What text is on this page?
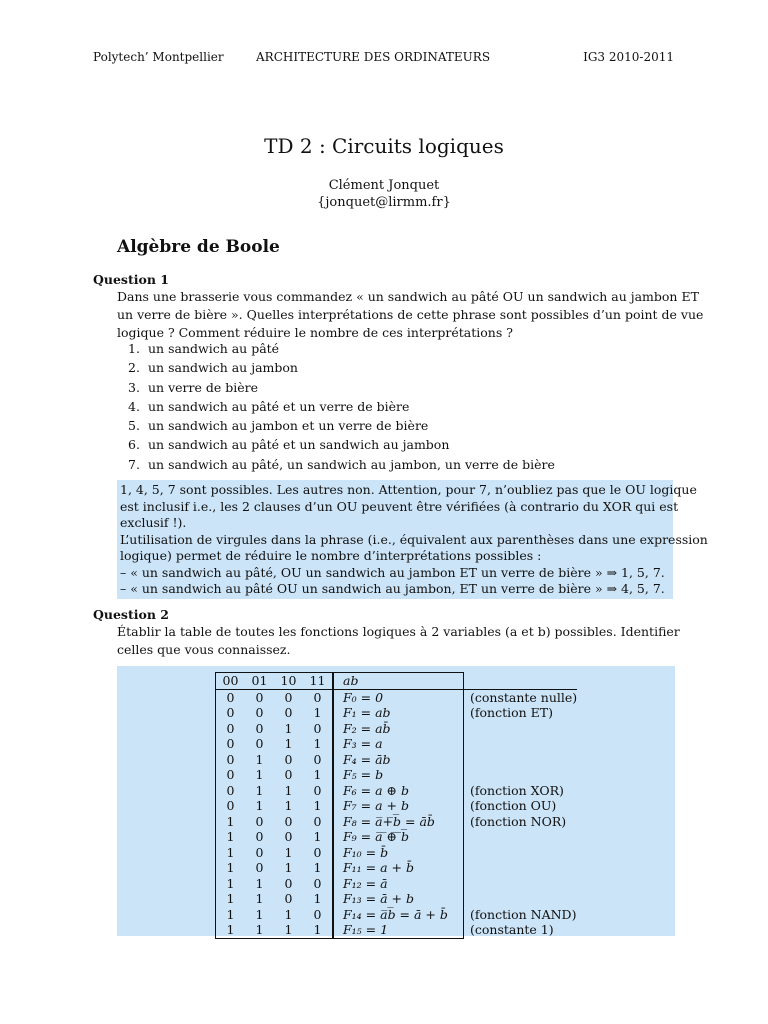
Polytech’ Montpellier	ARCHITECTURE DES ORDINATEURS	IG3 2010-2011
TD 2 : Circuits logiques
Clément Jonquet
{jonquet@lirmm.fr}
Algèbre de Boole
Question 1
Dans une brasserie vous commandez « un sandwich au pâté OU un sandwich au jambon ET
un verre de bière ». Quelles interprétations de cette phrase sont possibles d’un point de vue
logique ? Comment réduire le nombre de ces interprétations ?
1. un sandwich au pâté
2. un sandwich au jambon
3. un verre de bière
4. un sandwich au pâté et un verre de bière
5. un sandwich au jambon et un verre de bière
6. un sandwich au pâté et un sandwich au jambon
7. un sandwich au pâté, un sandwich au jambon, un verre de bière
1, 4, 5, 7 sont possibles. Les autres non. Attention, pour 7, n’oubliez pas que le OU logique
est inclusif i.e., les 2 clauses d’un OU peuvent être vérifiées (à contrario du XOR qui est
exclusif !).
L’utilisation de virgules dans la phrase (i.e., équivalent aux parenthèses dans une expression
logique) permet de réduire le nombre d’interprétations possibles :
– « un sandwich au pâté, OU un sandwich au jambon ET un verre de bière » ⇒ 1, 5, 7.
– « un sandwich au pâté OU un sandwich au jambon, ET un verre de bière » ⇒ 4, 5, 7.
Question 2
Établir la table de toutes les fonctions logiques à 2 variables (a et b) possibles. Identifier
celles que vous connaissez.
00	01	10	11			ab	
0	0	0	0			F₀ = 0	(constante nulle)
0	0	0	1			F₁ = ab	(fonction ET)
0	0	1	0			F₂ = ab̄	
0	0	1	1			F₃ = a	
0	1	0	0			F₄ = āb	
0	1	0	1			F₅ = b	
0	1	1	0			F₆ = a ⊕ b	(fonction XOR)
0	1	1	1			F₇ = a + b	(fonction OU)
1	0	0	0			F₈ = a̅+̅b̅ = āb̄	(fonction NOR)
1	0	0	1			F₉ = a̅ ̅⊕̅ ̅b̅	
1	0	1	0			F₁₀ = b̄	
1	0	1	1			F₁₁ = a + b̄	
1	1	0	0			F₁₂ = ā	
1	1	0	1			F₁₃ = ā + b	
1	1	1	0			F₁₄ = a̅b̅ = ā + b̄	(fonction NAND)
1	1	1	1			F₁₅ = 1	(constante 1)
